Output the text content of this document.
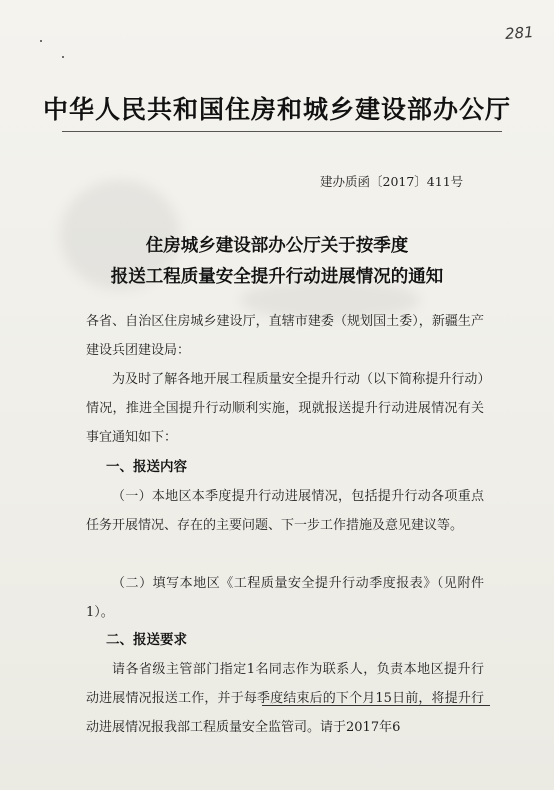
281
中华人民共和国住房和城乡建设部办公厅
建办质函〔2017〕411号
住房城乡建设部办公厅关于按季度
报送工程质量安全提升行动进展情况的通知
各省、自治区住房城乡建设厅，直辖市建委（规划国土委），新疆生产建设兵团建设局：
为及时了解各地开展工程质量安全提升行动（以下简称提升行动）情况，推进全国提升行动顺利实施，现就报送提升行动进展情况有关事宜通知如下：
一、报送内容
（一）本地区本季度提升行动进展情况，包括提升行动各项重点任务开展情况、存在的主要问题、下一步工作措施及意见建议等。
（二）填写本地区《工程质量安全提升行动季度报表》（见附件1）。
二、报送要求
请各省级主管部门指定1名同志作为联系人，负责本地区提升行动进展情况报送工作，并于每季度结束后的下个月15日前，将提升行动进展情况报我部工程质量安全监管司。请于2017年6
